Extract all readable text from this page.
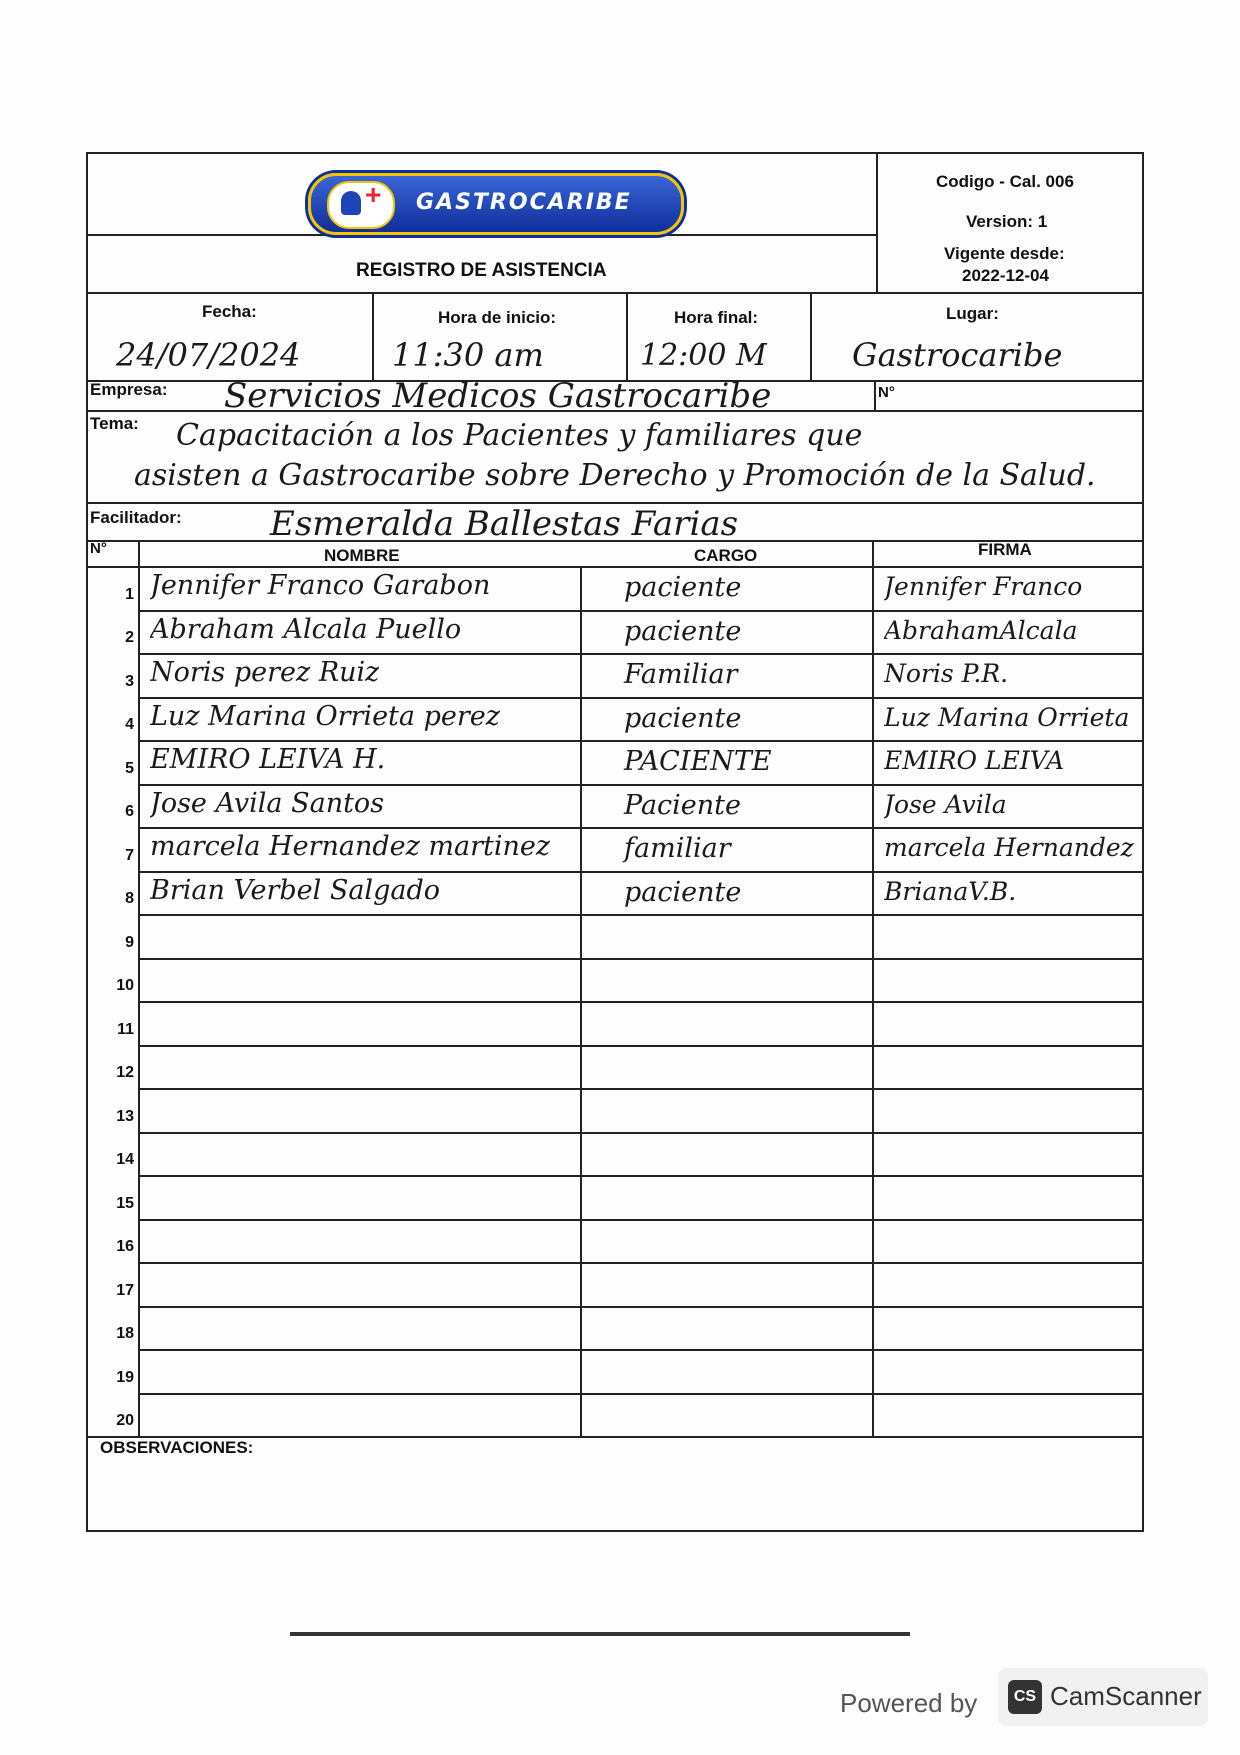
+
GASTROCARIBE
REGISTRO DE ASISTENCIA
Codigo - Cal. 006
Version: 1
Vigente desde:
2022-12-04
Fecha:	Hora de inicio:	Hora final:	Lugar:
24/07/2024	11:30 am	12:00 M	Gastrocaribe
Empresa:	N°
Servicios Medicos Gastrocaribe
Tema: Capacitación a los Pacientes y familiares que
asisten a Gastrocaribe sobre Derecho y Promoción de la Salud.
Facilitador:	Esmeralda Ballestas Farias
N°	NOMBRE	CARGO	FIRMA
1 Jennifer Franco Garabon	paciente	Jennifer Franco
2 Abraham Alcala Puello	paciente	AbrahamAlcala
3 Noris perez Ruiz	Familiar	Noris P.R.
4 Luz Marina Orrieta perez	paciente	Luz Marina Orrieta
5 EMIRO LEIVA H.	PACIENTE	EMIRO LEIVA
6 Jose Avila Santos	Paciente	Jose Avila
7 marcela Hernandez martinez	familiar	marcela Hernandez
8 Brian Verbel Salgado	paciente	BrianaV.B.
9
10
11
12
13
14
15
16
17
18
19
20
OBSERVACIONES:
Powered by	CS CamScanner
